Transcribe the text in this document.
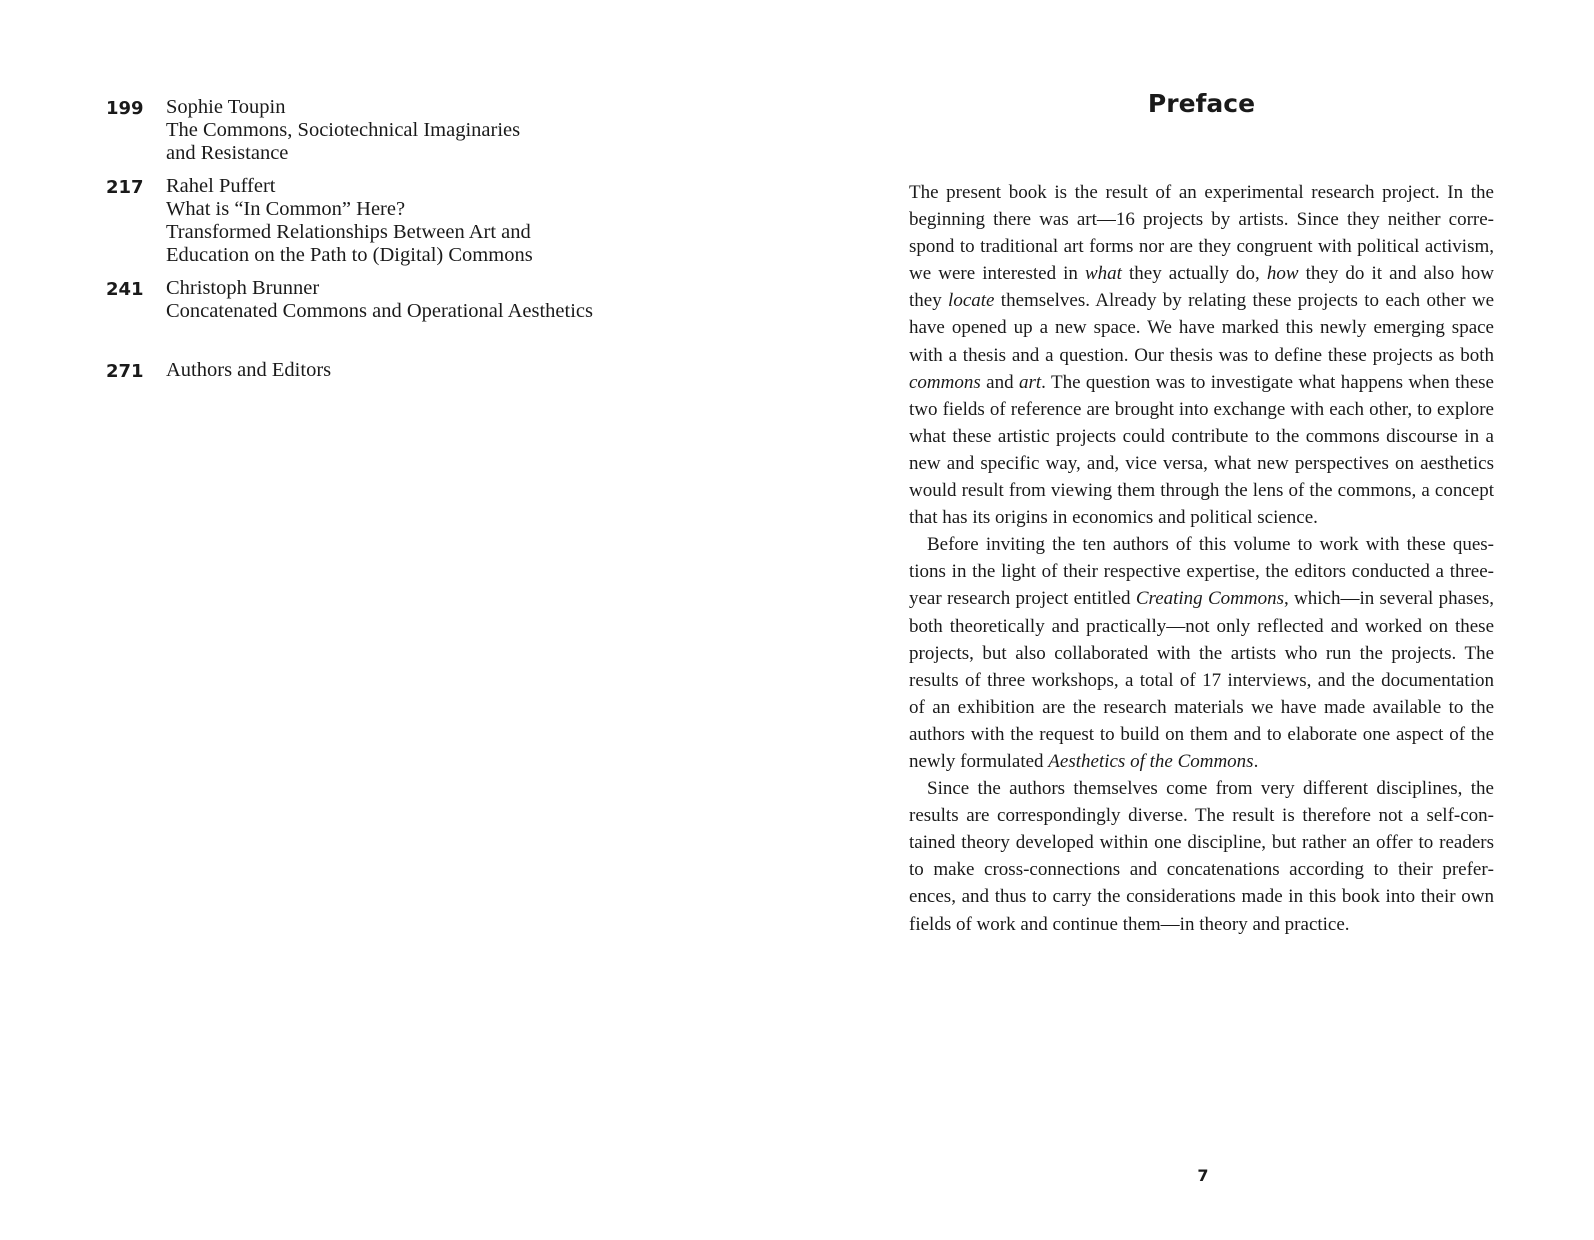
199	Sophie Toupin
The Commons, Sociotechnical Imaginaries
and Resistance
217	Rahel Puffert
What is “In Common” Here?
Transformed Relationships Between Art and
Education on the Path to (Digital) Commons
241	Christoph Brunner
Concatenated Commons and Operational Aesthetics
271	Authors and Editors
Preface

The present book is the result of an experimental research project. In the beginning there was art—16 projects by artists. Since they neither correspond to traditional art forms nor are they congruent with political activism, we were interested in what they actually do, how they do it and also how they locate themselves. Already by relating these projects to each other we have opened up a new space. We have marked this newly emerging space with a thesis and a question. Our thesis was to define these projects as both commons and art. The question was to investigate what happens when these two fields of reference are brought into exchange with each other, to explore what these artistic projects could contribute to the commons discourse in a new and specific way, and, vice versa, what new perspectives on aesthetics would result from viewing them through the lens of the commons, a concept that has its origins in economics and political science.

Before inviting the ten authors of this volume to work with these questions in the light of their respective expertise, the editors conducted a three-year research project entitled Creating Commons, which—in several phases, both theoretically and practically—not only reflected and worked on these projects, but also collaborated with the artists who run the projects. The results of three workshops, a total of 17 interviews, and the documentation of an exhibition are the research materials we have made available to the authors with the request to build on them and to elaborate one aspect of the newly formulated Aesthetics of the Commons.

Since the authors themselves come from very different disciplines, the results are correspondingly diverse. The result is therefore not a self-contained theory developed within one discipline, but rather an offer to readers to make cross-connections and concatenations according to their preferences, and thus to carry the considerations made in this book into their own fields of work and continue them—in theory and practice.

7
